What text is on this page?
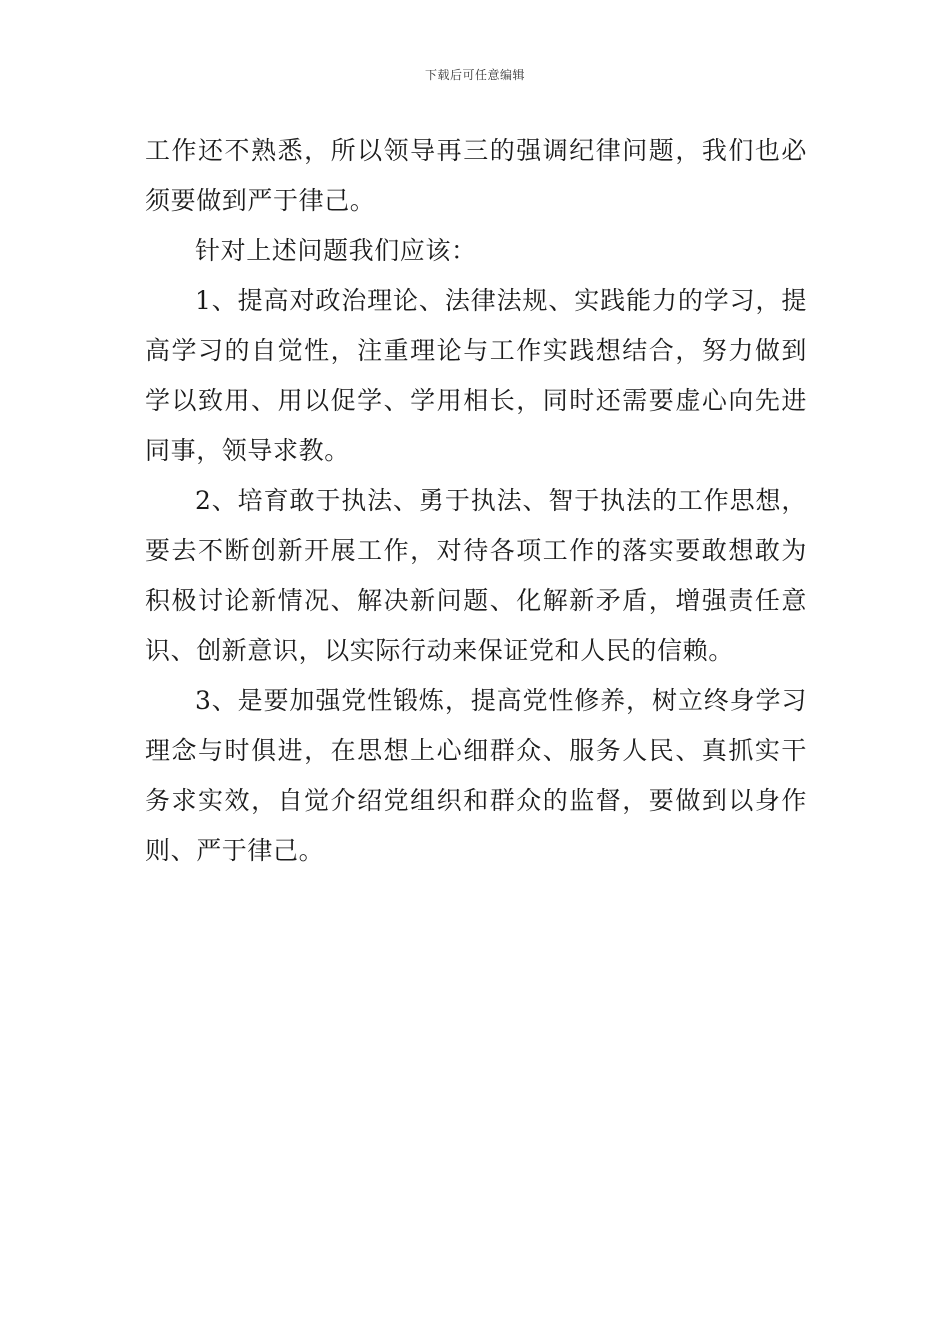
下载后可任意编辑

工作还不熟悉，所以领导再三的强调纪律问题，我们也必须要做到严于律己。

针对上述问题我们应该：

1、提高对政治理论、法律法规、实践能力的学习，提高学习的自觉性，注重理论与工作实践想结合，努力做到学以致用、用以促学、学用相长，同时还需要虚心向先进同事，领导求教。

2、培育敢于执法、勇于执法、智于执法的工作思想，要去不断创新开展工作，对待各项工作的落实要敢想敢为积极讨论新情况、解决新问题、化解新矛盾，增强责任意识、创新意识，以实际行动来保证党和人民的信赖。

3、是要加强党性锻炼，提高党性修养，树立终身学习理念与时俱进，在思想上心细群众、服务人民、真抓实干务求实效，自觉介绍党组织和群众的监督，要做到以身作则、严于律己。
